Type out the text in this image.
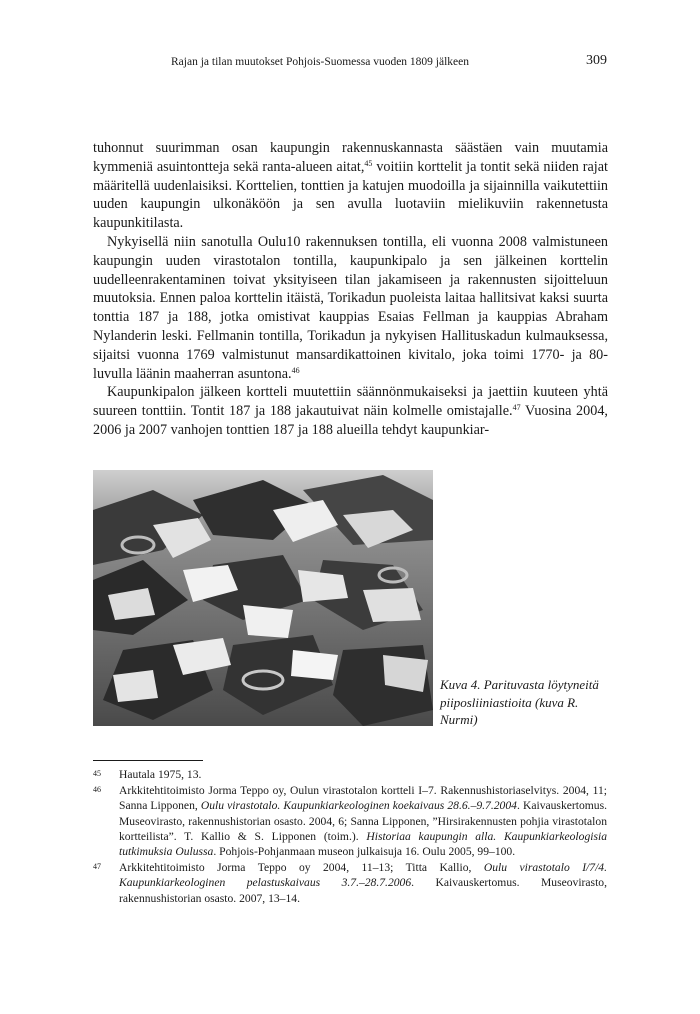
Rajan ja tilan muutokset Pohjois-Suomessa vuoden 1809 jälkeen	309

tuhonnut suurimman osan kaupungin rakennuskannasta säästäen vain muutamia kymmeniä asuintontteja sekä ranta-alueen aitat,$^{45}$ voitiin korttelit ja tontit sekä niiden rajat määritellä uudenlaisiksi. Korttelien, tonttien ja katujen muodoilla ja sijainnilla vaikutettiin uuden kaupungin ulkonäköön ja sen avulla luotaviin mielikuviin rakennetusta kaupunkitilasta.

Nykyisellä niin sanotulla Oulu10 rakennuksen tontilla, eli vuonna 2008 valmistuneen kaupungin uuden virastotalon tontilla, kaupunkipalo ja sen jälkeinen korttelin uudelleenrakentaminen toivat yksityiseen tilan jakamiseen ja rakennusten sijoitteluun muutoksia. Ennen paloa korttelin itäistä, Torikadun puoleista laitaa hallitsivat kaksi suurta tonttia 187 ja 188, jotka omistivat kauppias Esaias Fellman ja kauppias Abraham Nylanderin leski. Fellmanin tontilla, Torikadun ja nykyisen Hallituskadun kulmauksessa, sijaitsi vuonna 1769 valmistunut mansardikattoinen kivitalo, joka toimi 1770- ja 80-luvulla läänin maaherran asuntona.$^{46}$

Kaupunkipalon jälkeen kortteli muutettiin säännönmukaiseksi ja jaettiin kuuteen yhtä suureen tonttiin. Tontit 187 ja 188 jakautuivat näin kolmelle omistajalle.$^{47}$ Vuosina 2004, 2006 ja 2007 vanhojen tonttien 187 ja 188 alueilla tehdyt kaupunkiar-

Kuva 4. Parituvasta löytyneitä piiposliiniastioita (kuva R. Nurmi)
45 Hautala 1975, 13.
46 Arkkitehtitoimisto Jorma Teppo oy, Oulun virastotalon kortteli I–7. Rakennushistoriaselvitys. 2004, 11; Sanna Lipponen, Oulu virastotalo. Kaupunkiarkeologinen koekaivaus 28.6.–9.7.2004. Kaivauskertomus. Museovirasto, rakennushistorian osasto. 2004, 6; Sanna Lipponen, ”Hirsirakennusten pohjia virastotalon kortteilista”. T. Kallio & S. Lipponen (toim.). Historiaa kaupungin alla. Kaupunkiarkeologisia tutkimuksia Oulussa. Pohjois-Pohjanmaan museon julkaisuja 16. Oulu 2005, 99–100.
47 Arkkitehtitoimisto Jorma Teppo oy 2004, 11–13; Titta Kallio, Oulu virastotalo I/7/4. Kaupunkiarkeologinen pelastuskaivaus 3.7.–28.7.2006. Kaivauskertomus. Museovirasto, rakennushistorian osasto. 2007, 13–14.
